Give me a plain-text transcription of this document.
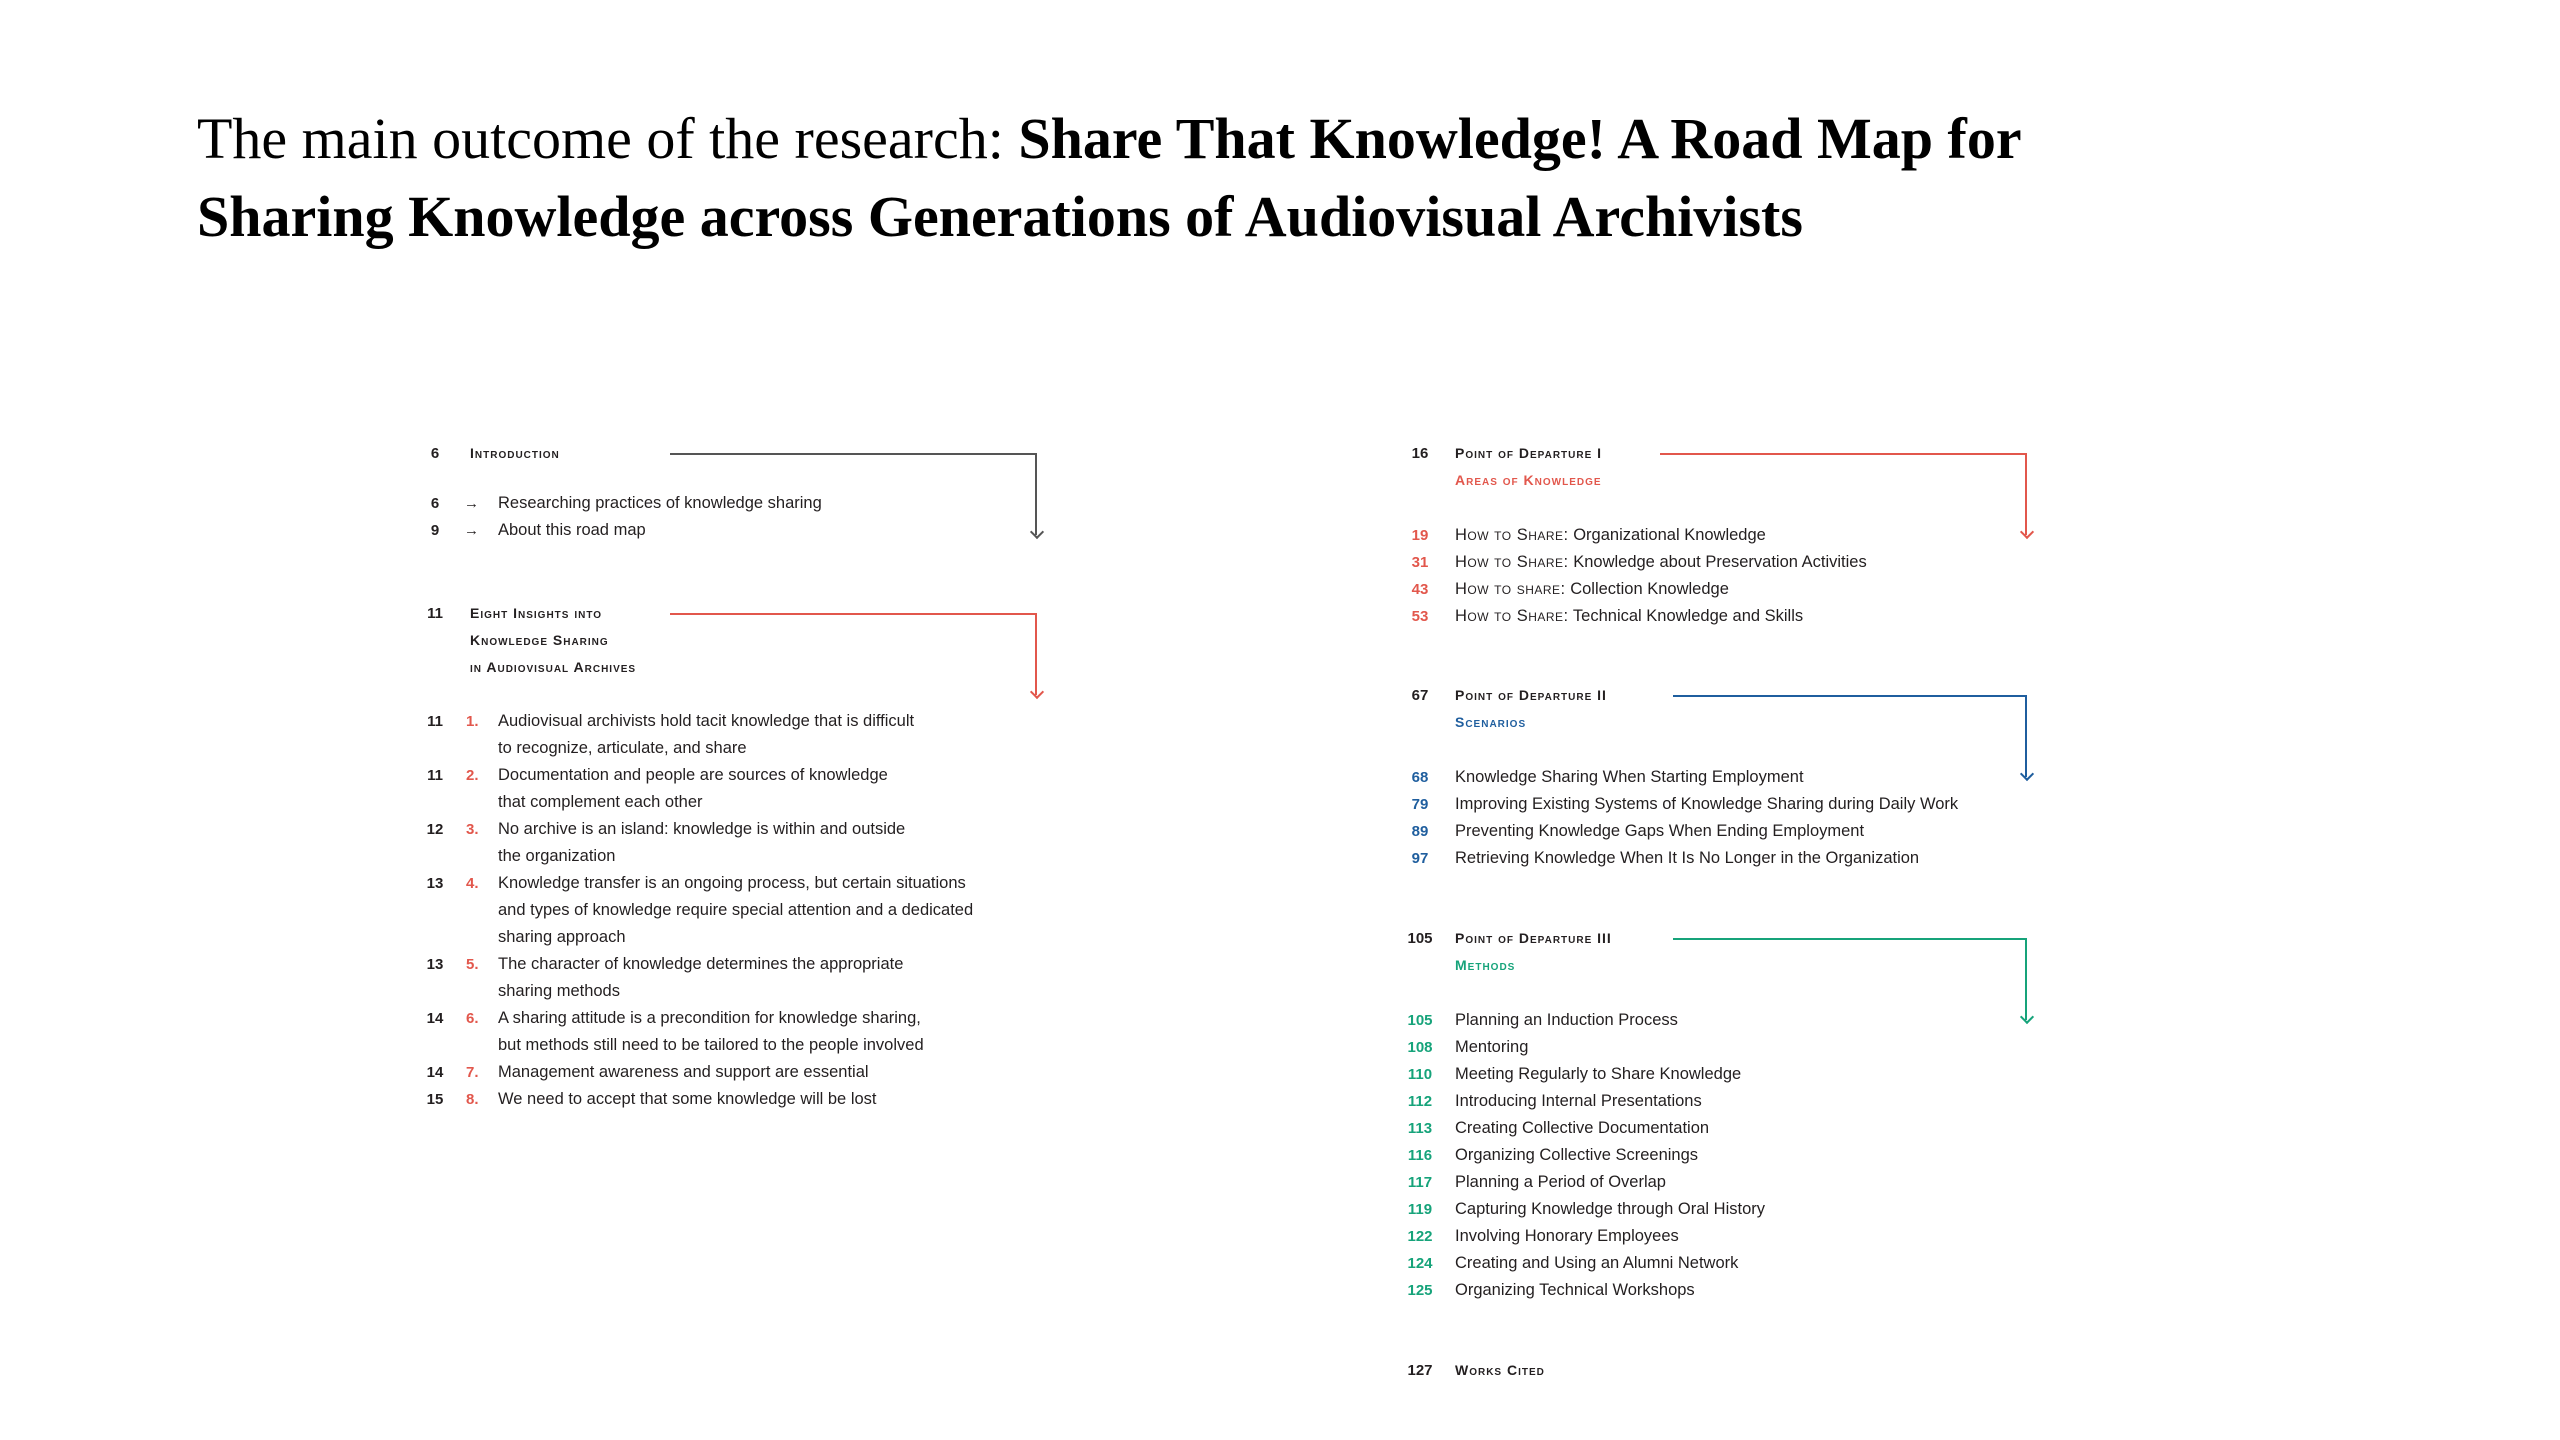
The main outcome of the research: Share That Knowledge! A Road Map for
Sharing Knowledge across Generations of Audiovisual Archivists
6	Introduction
6	→ Researching practices of knowledge sharing
9	→ About this road map
11	Eight Insights into
Knowledge Sharing
in Audiovisual Archives
11	1. Audiovisual archivists hold tacit knowledge that is difficult
to recognize, articulate, and share
11	2. Documentation and people are sources of knowledge
that complement each other
12	3. No archive is an island: knowledge is within and outside
the organization
13	4. Knowledge transfer is an ongoing process, but certain situations
and types of knowledge require special attention and a dedicated
sharing approach
13	5. The character of knowledge determines the appropriate
sharing methods
14	6. A sharing attitude is a precondition for knowledge sharing,
but methods still need to be tailored to the people involved
14	7. Management awareness and support are essential
15	8. We need to accept that some knowledge will be lost
16	Point of Departure I
Areas of Knowledge
19	How to Share: Organizational Knowledge
31	How to Share: Knowledge about Preservation Activities
43	How to share: Collection Knowledge
53	How to Share: Technical Knowledge and Skills
67	Point of Departure II
Scenarios
68	Knowledge Sharing When Starting Employment
79	Improving Existing Systems of Knowledge Sharing during Daily Work
89	Preventing Knowledge Gaps When Ending Employment
97	Retrieving Knowledge When It Is No Longer in the Organization
105 Point of Departure III
Methods
105 Planning an Induction Process
108 Mentoring
110 Meeting Regularly to Share Knowledge
112 Introducing Internal Presentations
113 Creating Collective Documentation
116 Organizing Collective Screenings
117 Planning a Period of Overlap
119 Capturing Knowledge through Oral History
122 Involving Honorary Employees
124 Creating and Using an Alumni Network
125 Organizing Technical Workshops
127 Works Cited
